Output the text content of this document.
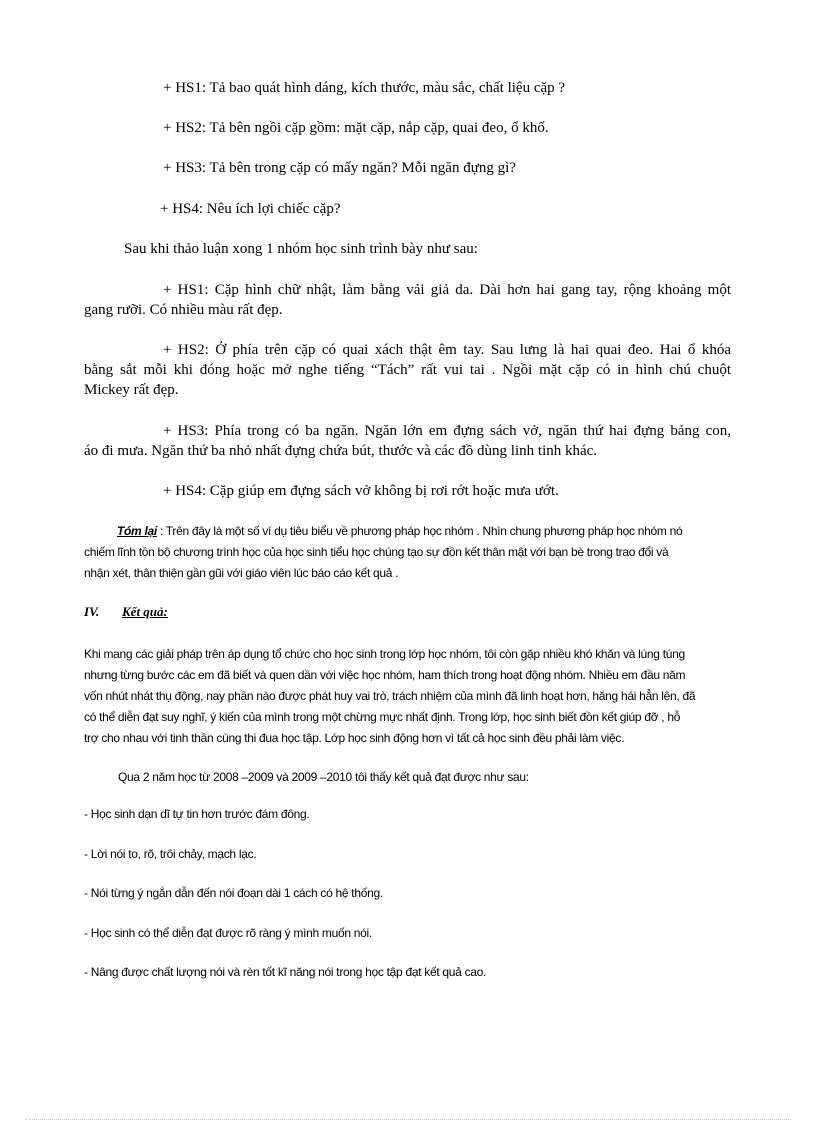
+ HS1: Tả bao quát hình dáng, kích thước, màu sắc, chất liệu cặp ?
+ HS2: Tả bên ngồi cặp gồm: mặt cặp, nắp cặp, quai đeo, ổ khố.
+ HS3: Tả bên trong cặp có mấy ngăn? Mỗi ngăn đựng gì?
+ HS4: Nêu ích lợi chiếc cặp?
Sau khi thảo luận xong 1 nhóm học sinh trình bày như sau:
+ HS1: Cặp hình chữ nhật, làm bằng vải giả da. Dài hơn hai gang tay, rộng khoảng một
gang rưỡi. Có nhiều màu rất đẹp.
+ HS2: Ở phía trên cặp có quai xách thật êm tay. Sau lưng là hai quai đeo. Hai ổ khóa
bằng sắt mỗi khi đóng hoặc mở nghe tiếng “Tách” rất vui tai . Ngồi mặt cặp có in hình chú chuột
Mickey rất đẹp.
+ HS3: Phía trong có ba ngăn. Ngăn lớn em đựng sách vở, ngăn thứ hai đựng bảng con,
áo đi mưa. Ngăn thứ ba nhỏ nhất đựng chứa bút, thước và các đồ dùng linh tinh khác.
+ HS4: Cặp giúp em đựng sách vở không bị rơi rớt hoặc mưa ướt.
Tóm lại : Trên đây là một số ví dụ tiêu biểu về phương pháp học nhóm . Nhìn chung phương pháp học nhóm nó
chiếm lĩnh tồn bộ chương trình học của học sinh tiểu học chúng tạo sự đồn kết thân mật với bạn bè trong trao đổi và
nhận xét, thân thiện gần gũi với giáo viên lúc báo cáo kết quả .
IV. Kết quả:
Khi mang các giải pháp trên áp dụng tổ chức cho học sinh trong lớp học nhóm, tôi còn gặp nhiều khó khăn và lúng túng
nhưng từng bước các em đã biết và quen dần với việc học nhóm, ham thích trong hoạt động nhóm. Nhiều em đầu năm
vốn nhút nhát thụ động, nay phần nào được phát huy vai trò, trách nhiệm của mình đã linh hoạt hơn, hăng hái hẳn lên, đã
có thể diễn đạt suy nghĩ, ý kiến của mình trong một chừng mực nhất định. Trong lớp, học sinh biết đồn kết giúp đỡ , hỗ
trợ cho nhau với tinh thần cùng thi đua học tập. Lớp học sinh động hơn vì tất cả học sinh đều phải làm việc.
Qua 2 năm học từ 2008 –2009 và 2009 –2010 tôi thấy kết quả đạt được như sau:
- Học sinh dạn dĩ tự tin hơn trước đám đông.
- Lời nói to, rõ, trôi chảy, mạch lạc.
- Nói từng ý ngắn dẫn đến nói đoạn dài 1 cách có hệ thống.
- Học sinh có thể diễn đạt được rõ ràng ý mình muốn nói.
- Nâng được chất lượng nói và rèn tốt kĩ năng nói trong học tập đạt kết quả cao.
